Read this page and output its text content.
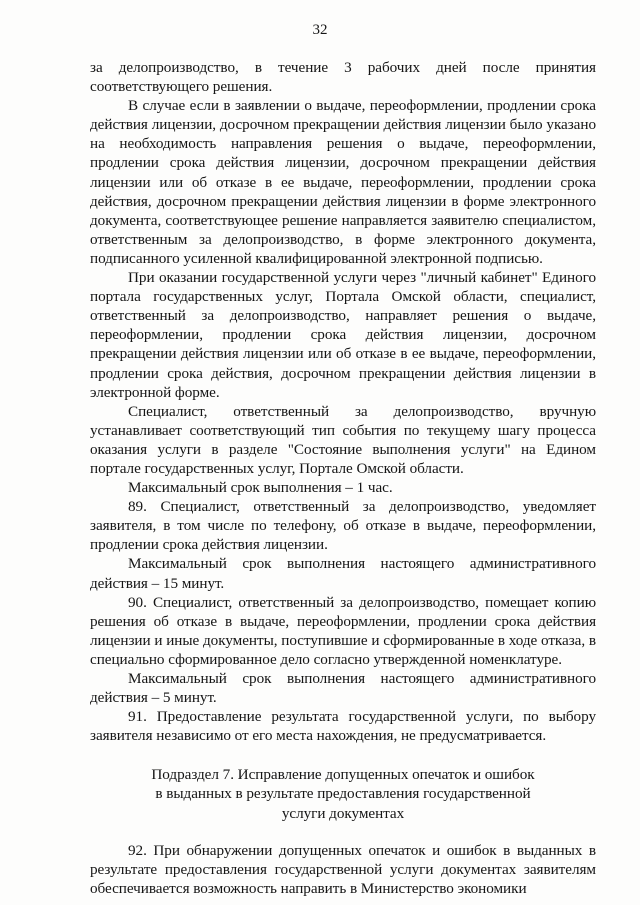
32

за делопроизводство, в течение 3 рабочих дней после принятия соответствующего решения.

В случае если в заявлении о выдаче, переоформлении, продлении срока действия лицензии, досрочном прекращении действия лицензии было указано на необходимость направления решения о выдаче, переоформлении, продлении срока действия лицензии, досрочном прекращении действия лицензии или об отказе в ее выдаче, переоформлении, продлении срока действия, досрочном прекращении действия лицензии в форме электронного документа, соответствующее решение направляется заявителю специалистом, ответственным за делопроизводство, в форме электронного документа, подписанного усиленной квалифицированной электронной подписью.

При оказании государственной услуги через "личный кабинет" Единого портала государственных услуг, Портала Омской области, специалист, ответственный за делопроизводство, направляет решения о выдаче, переоформлении, продлении срока действия лицензии, досрочном прекращении действия лицензии или об отказе в ее выдаче, переоформлении, продлении срока действия, досрочном прекращении действия лицензии в электронной форме.

Специалист, ответственный за делопроизводство, вручную устанавливает соответствующий тип события по текущему шагу процесса оказания услуги в разделе "Состояние выполнения услуги" на Едином портале государственных услуг, Портале Омской области.

Максимальный срок выполнения – 1 час.

89. Специалист, ответственный за делопроизводство, уведомляет заявителя, в том числе по телефону, об отказе в выдаче, переоформлении, продлении срока действия лицензии.

Максимальный срок выполнения настоящего административного действия – 15 минут.

90. Специалист, ответственный за делопроизводство, помещает копию решения об отказе в выдаче, переоформлении, продлении срока действия лицензии и иные документы, поступившие и сформированные в ходе отказа, в специально сформированное дело согласно утвержденной номенклатуре.

Максимальный срок выполнения настоящего административного действия – 5 минут.

91. Предоставление результата государственной услуги, по выбору заявителя независимо от его места нахождения, не предусматривается.

Подраздел 7. Исправление допущенных опечаток и ошибок
в выданных в результате предоставления государственной
услуги документах

92. При обнаружении допущенных опечаток и ошибок в выданных в результате предоставления государственной услуги документах заявителям обеспечивается возможность направить в Министерство экономики
